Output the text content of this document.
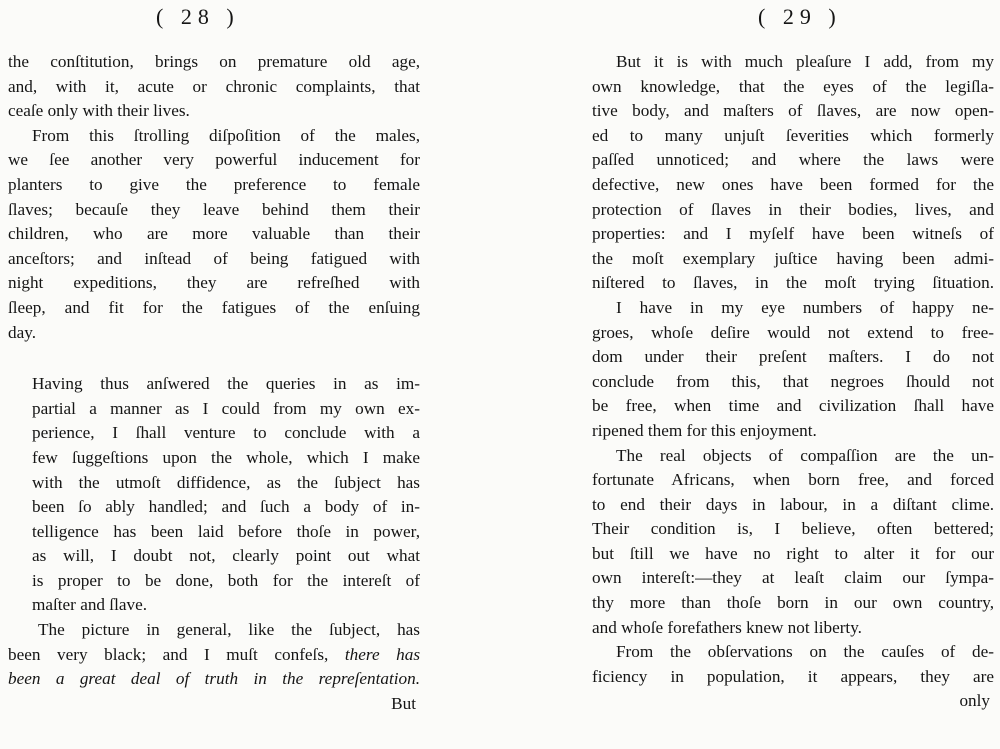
( 28 )
the conſtitution, brings on premature old age,
and, with it, acute or chronic complaints, that
ceaſe only with their lives.
From this ſtrolling diſpoſition of the males,
we ſee another very powerful inducement for
planters to give the preference to female
ſlaves; becauſe they leave behind them their
children, who are more valuable than their
anceſtors; and inſtead of being fatigued with
night expeditions, they are refreſhed with
ſleep, and fit for the fatigues of the enſuing
day.
Having thus anſwered the queries in as im-
partial a manner as I could from my own ex-
perience, I ſhall venture to conclude with a
few ſuggeſtions upon the whole, which I make
with the utmoſt diffidence, as the ſubject has
been ſo ably handled; and ſuch a body of in-
telligence has been laid before thoſe in power,
as will, I doubt not, clearly point out what
is proper to be done, both for the intereſt of
maſter and ſlave.
The picture in general, like the ſubject, has
been very black; and I muſt confeſs, there has
been a great deal of truth in the repreſentation.
But
( 29 )
But it is with much pleaſure I add, from my
own knowledge, that the eyes of the legiſla-
tive body, and maſters of ſlaves, are now open-
ed to many unjuſt ſeverities which formerly
paſſed unnoticed; and where the laws were
defective, new ones have been formed for the
protection of ſlaves in their bodies, lives, and
properties: and I myſelf have been witneſs of
the moſt exemplary juſtice having been admi-
niſtered to ſlaves, in the moſt trying ſituation.
I have in my eye numbers of happy ne-
groes, whoſe deſire would not extend to free-
dom under their preſent maſters. I do not
conclude from this, that negroes ſhould not
be free, when time and civilization ſhall have
ripened them for this enjoyment.
The real objects of compaſſion are the un-
fortunate Africans, when born free, and forced
to end their days in labour, in a diſtant clime.
Their condition is, I believe, often bettered;
but ſtill we have no right to alter it for our
own intereſt:—they at leaſt claim our ſympa-
thy more than thoſe born in our own country,
and whoſe forefathers knew not liberty.
From the obſervations on the cauſes of de-
ficiency in population, it appears, they are
only
